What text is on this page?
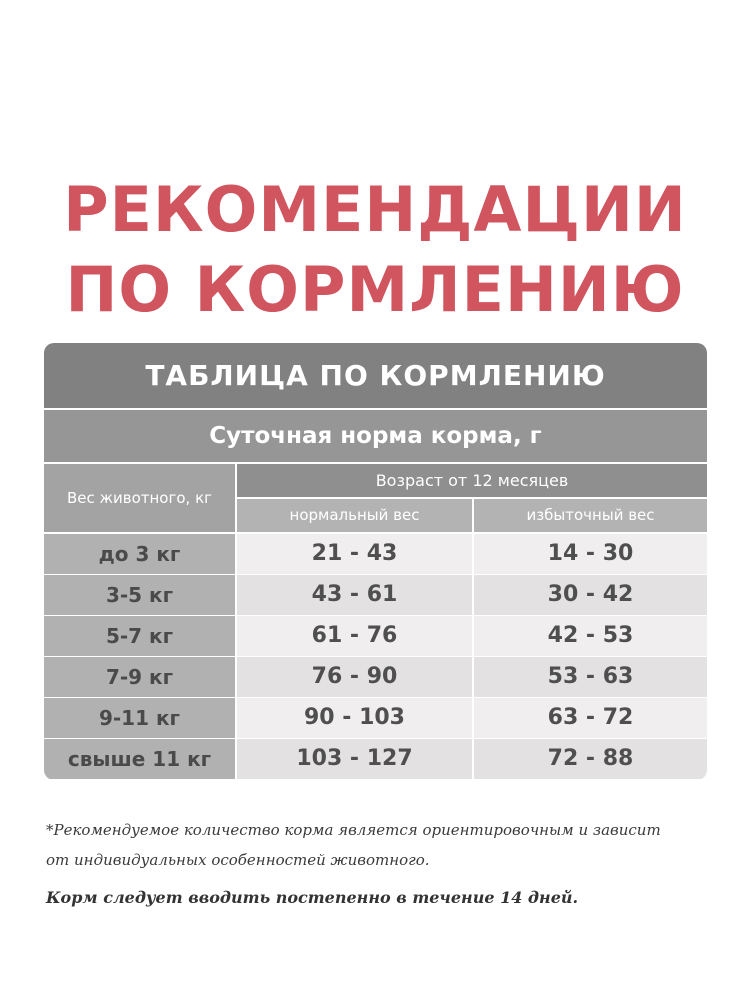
РЕКОМЕНДАЦИИ
ПО КОРМЛЕНИЮ
ТАБЛИЦА ПО КОРМЛЕНИЮ
Суточная норма корма, г
Вес животного, кг
Возраст от 12 месяцев
нормальный вес	избыточный вес
до 3 кг	21 - 43	14 - 30
3-5 кг	43 - 61	30 - 42
5-7 кг	61 - 76	42 - 53
7-9 кг	76 - 90	53 - 63
9-11 кг	90 - 103	63 - 72
свыше 11 кг	103 - 127	72 - 88
*Рекомендуемое количество корма является ориентировочным и зависит
от индивидуальных особенностей животного.
Корм следует вводить постепенно в течение 14 дней.
